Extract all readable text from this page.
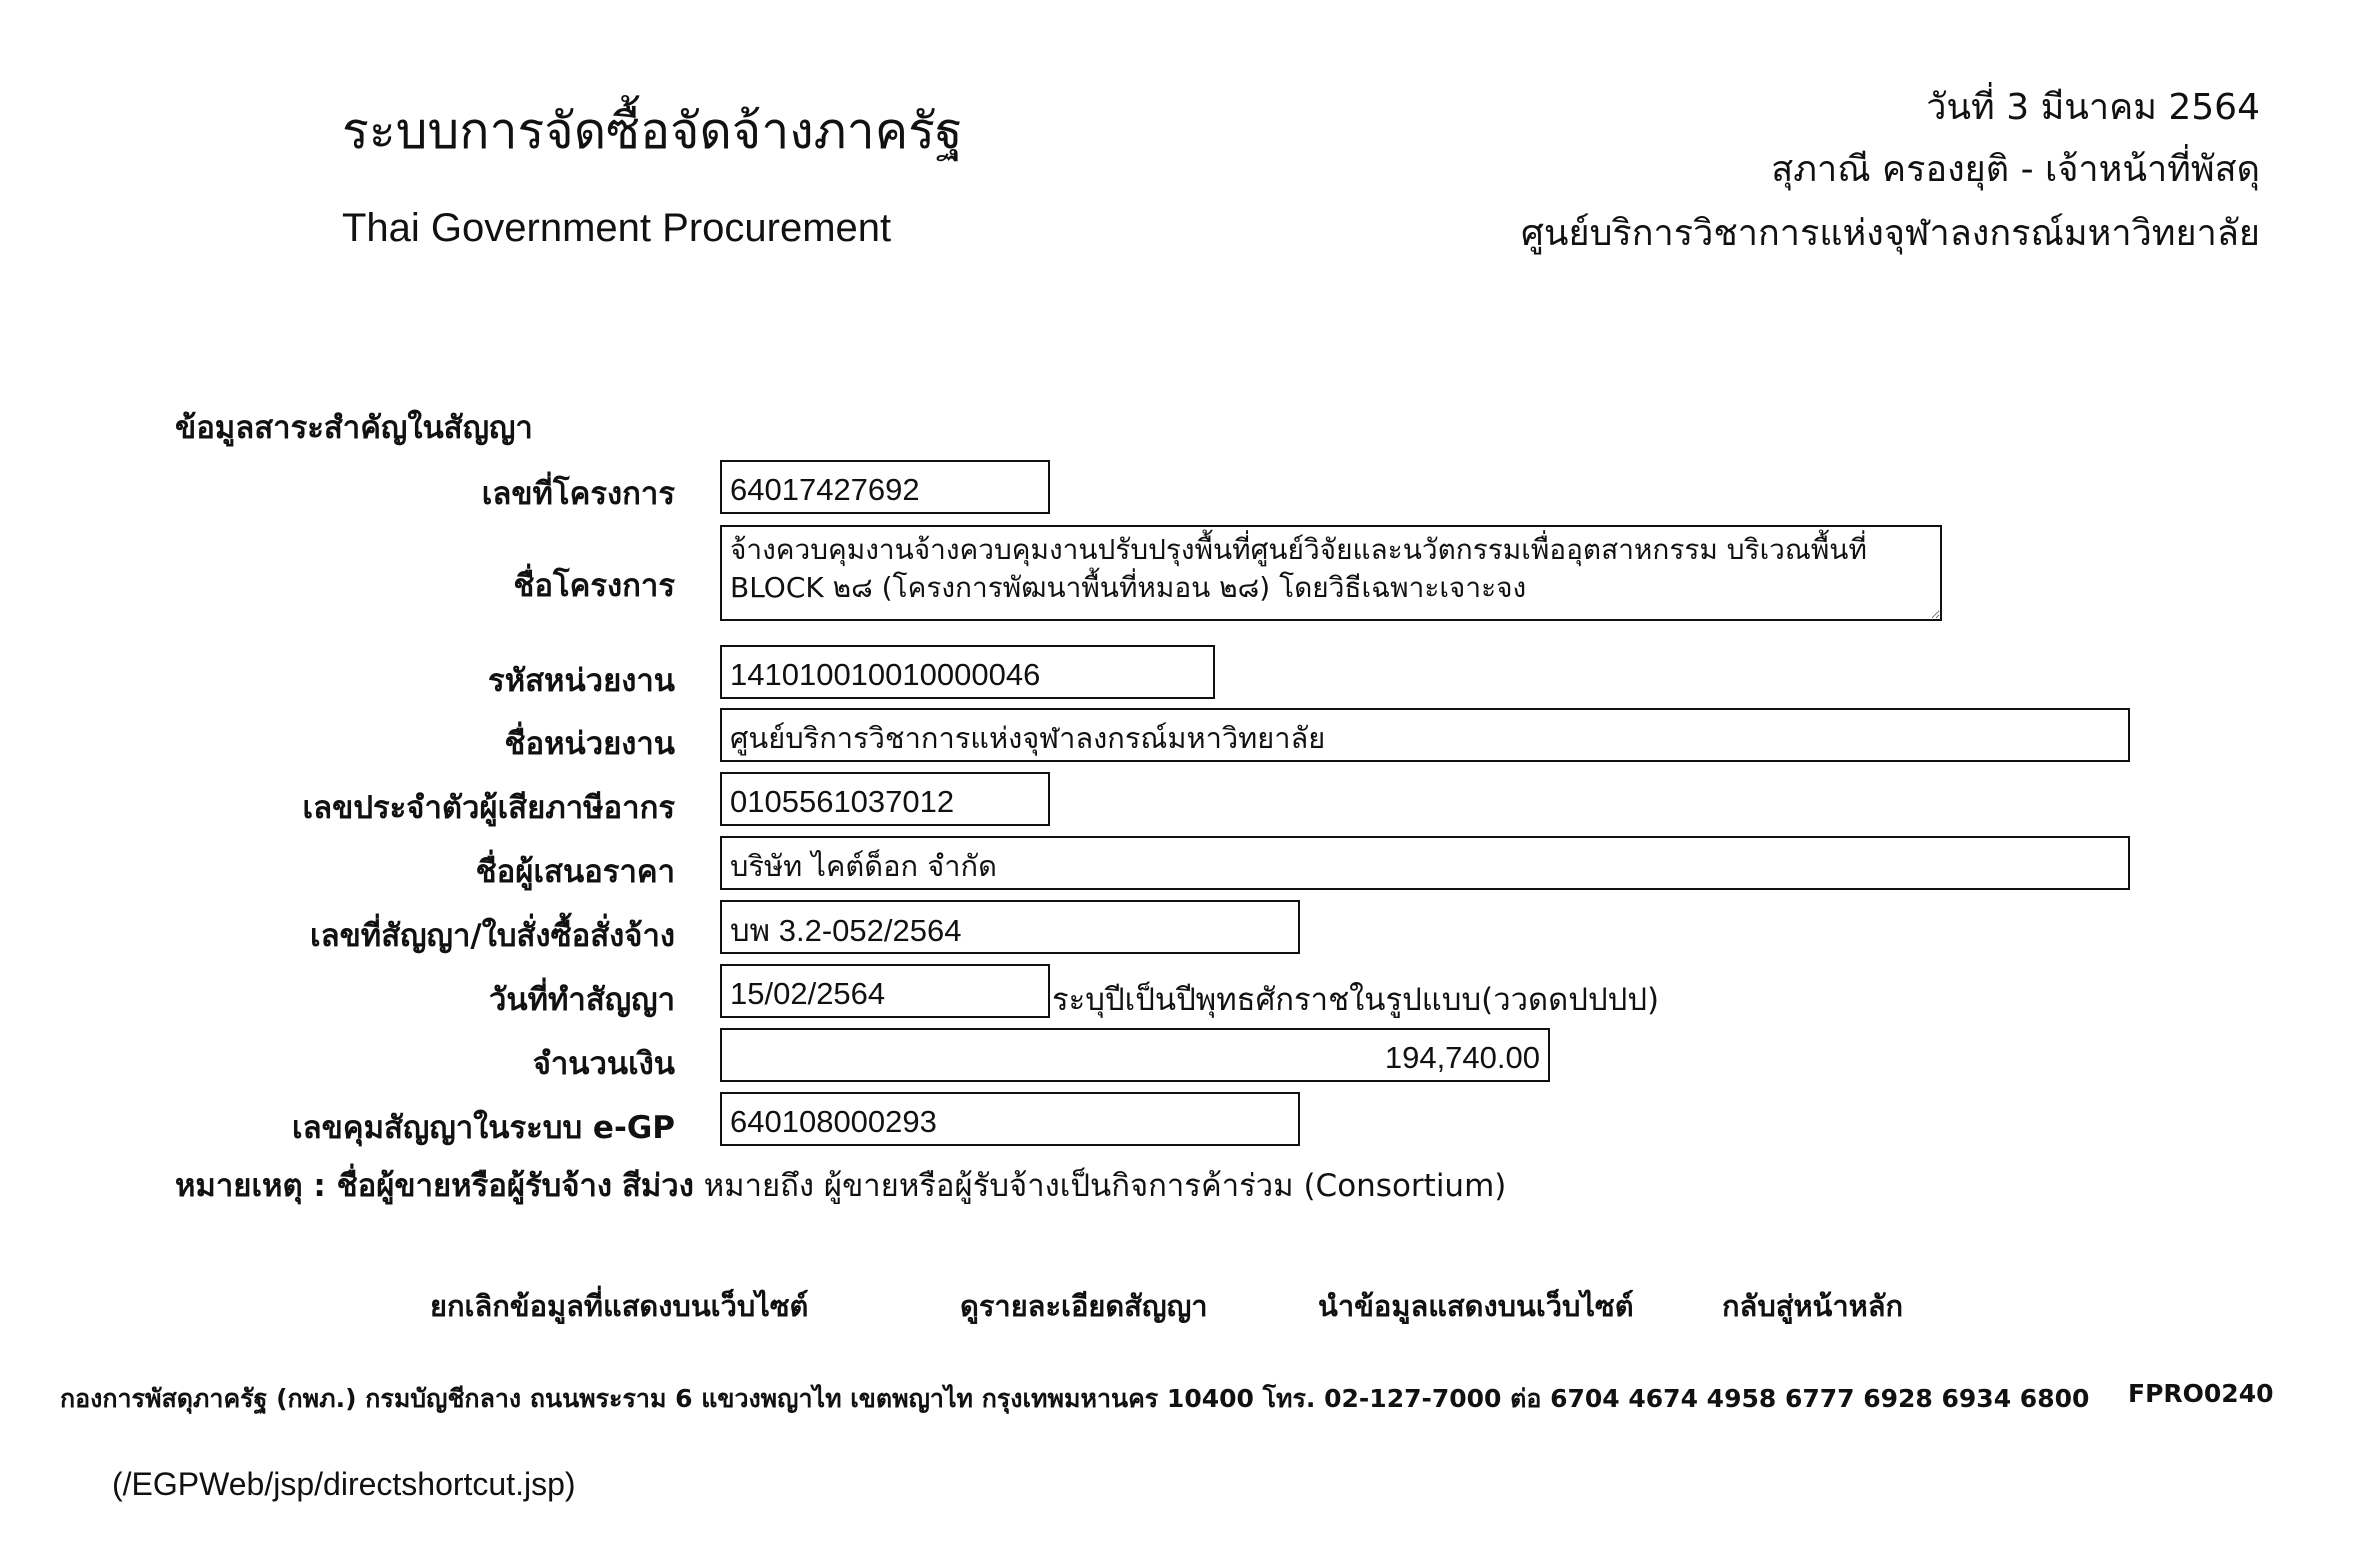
ระบบการจัดซื้อจัดจ้างภาครัฐ
Thai Government Procurement
วันที่ 3 มีนาคม 2564
สุภาณี ครองยุติ - เจ้าหน้าที่พัสดุ
ศูนย์บริการวิชาการแห่งจุฬาลงกรณ์มหาวิทยาลัย
ข้อมูลสาระสำคัญในสัญญา
เลขที่โครงการ
64017427692
ชื่อโครงการ
จ้างควบคุมงานจ้างควบคุมงานปรับปรุงพื้นที่ศูนย์วิจัยและนวัตกรรมเพื่ออุตสาหกรรม บริเวณพื้นที่ BLOCK ๒๘ (โครงการพัฒนาพื้นที่หมอน ๒๘) โดยวิธีเฉพาะเจาะจง
รหัสหน่วยงาน
141010010010000046
ชื่อหน่วยงาน
ศูนย์บริการวิชาการแห่งจุฬาลงกรณ์มหาวิทยาลัย
เลขประจำตัวผู้เสียภาษีอากร
0105561037012
ชื่อผู้เสนอราคา
บริษัท ไคต์ด็อก จำกัด
เลขที่สัญญา/ใบสั่งซื้อสั่งจ้าง
บพ 3.2-052/2564
วันที่ทำสัญญา
15/02/2564	ระบุปีเป็นปีพุทธศักราชในรูปแบบ(ววดดปปปป)
จำนวนเงิน
194,740.00
เลขคุมสัญญาในระบบ e-GP
640108000293
หมายเหตุ : ชื่อผู้ขายหรือผู้รับจ้าง สีม่วง หมายถึง ผู้ขายหรือผู้รับจ้างเป็นกิจการค้าร่วม (Consortium)
ยกเลิกข้อมูลที่แสดงบนเว็บไซต์	ดูรายละเอียดสัญญา	นำข้อมูลแสดงบนเว็บไซต์	กลับสู่หน้าหลัก
กองการพัสดุภาครัฐ (กพภ.) กรมบัญชีกลาง ถนนพระราม 6 แขวงพญาไท เขตพญาไท กรุงเทพมหานคร 10400 โทร. 02-127-7000 ต่อ 6704 4674 4958 6777 6928 6934 6800 FPRO0240
(/EGPWeb/jsp/directshortcut.jsp)
